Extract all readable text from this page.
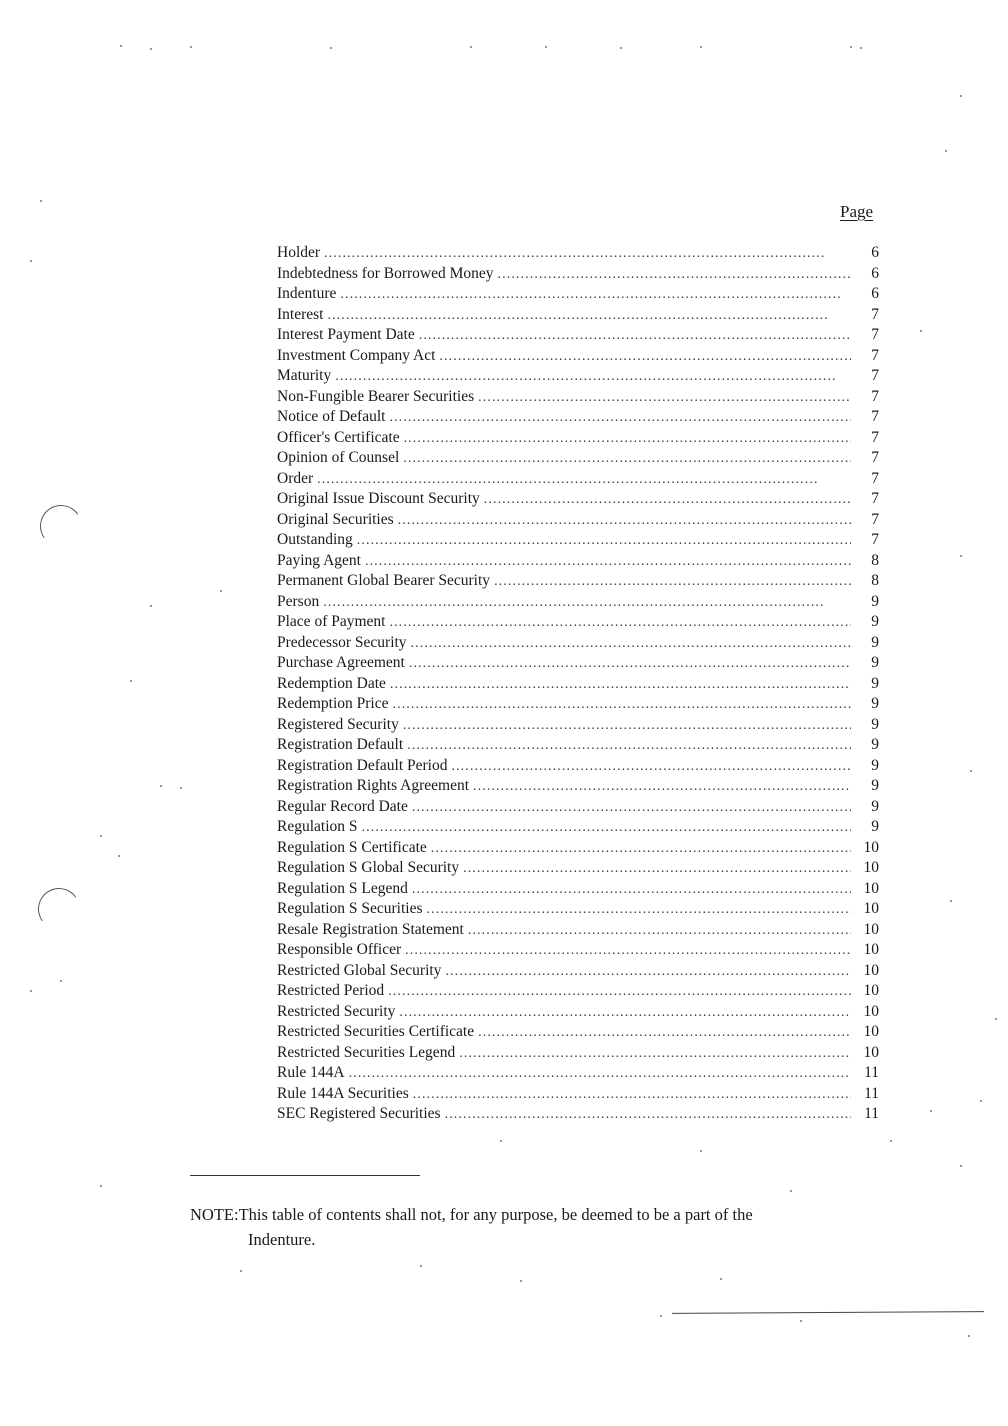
Page
Holder . . .	6
Indebtedness for Borrowed Money . . .	6
Indenture . . .	6
Interest . . .	7
Interest Payment Date . . .	7
Investment Company Act . . .	7
Maturity . . .	7
Non-Fungible Bearer Securities . . .	7
Notice of Default . . .	7
Officer's Certificate . . .	7
Opinion of Counsel . . .	7
Order . . .	7
Original Issue Discount Security . . .	7
Original Securities . . .	7
Outstanding . . .	7
Paying Agent . . .	8
Permanent Global Bearer Security . . .	8
Person . . .	9
Place of Payment . . .	9
Predecessor Security . . .	9
Purchase Agreement . . .	9
Redemption Date . . .	9
Redemption Price . . .	9
Registered Security . . .	9
Registration Default . . .	9
Registration Default Period . . .	9
Registration Rights Agreement . . .	9
Regular Record Date . . .	9
Regulation S . . .	9
Regulation S Certificate . . .	10
Regulation S Global Security . . .	10
Regulation S Legend . . .	10
Regulation S Securities . . .	10
Resale Registration Statement . . .	10
Responsible Officer . . .	10
Restricted Global Security . . .	10
Restricted Period . . .	10
Restricted Security . . .	10
Restricted Securities Certificate . . .	10
Restricted Securities Legend . . .	10
Rule 144A . . .	11
Rule 144A Securities . . .	11
SEC Registered Securities . . .	11
NOTE:This table of contents shall not, for any purpose, be deemed to be a part of the
Indenture.
